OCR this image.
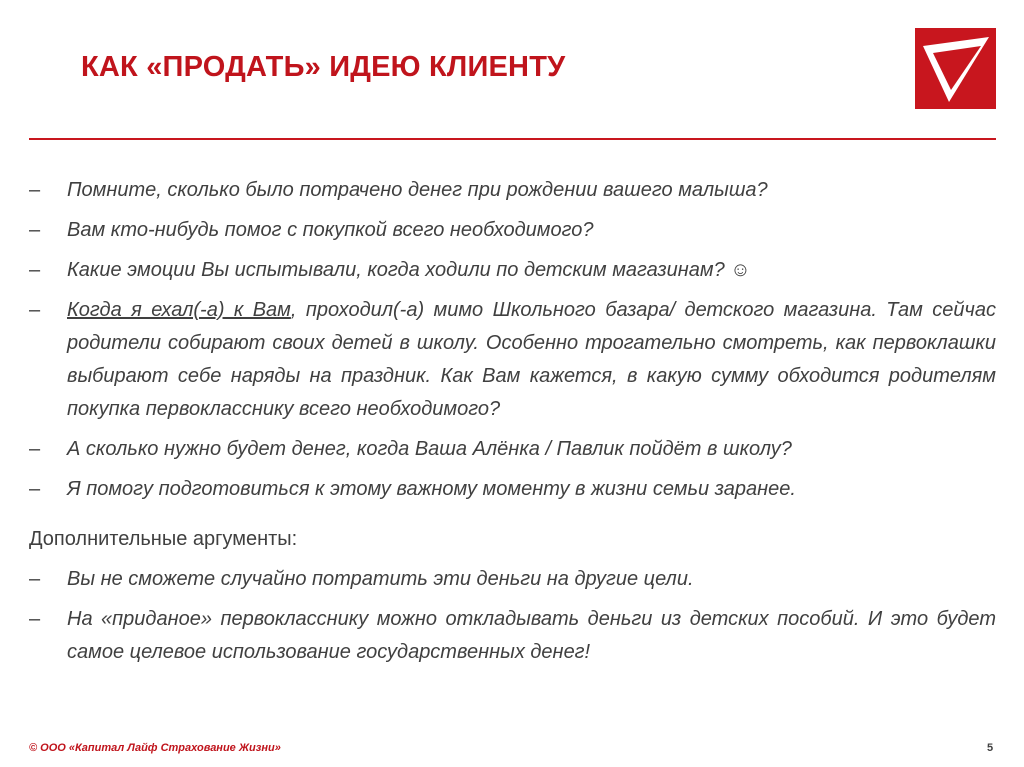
КАК «ПРОДАТЬ» ИДЕЮ КЛИЕНТУ

– Помните, сколько было потрачено денег при рождении вашего малыша?

– Вам кто-нибудь помог с покупкой всего необходимого?

– Какие эмоции Вы испытывали, когда ходили по детским магазинам? ☺

– Когда я ехал(-а) к Вам, проходил(-а) мимо Школьного базара/ детского магазина. Там сейчас родители собирают своих детей в школу. Особенно трогательно смотреть, как первоклашки выбирают себе наряды на праздник. Как Вам кажется, в какую сумму обходится родителям покупка первокласснику всего необходимого?

– А сколько нужно будет денег, когда Ваша Алёнка / Павлик пойдёт в школу?

– Я помогу подготовиться к этому важному моменту в жизни семьи заранее.

Дополнительные аргументы:

– Вы не сможете случайно потратить эти деньги на другие цели.

– На «приданое» первокласснику можно откладывать деньги из детских пособий. И это будет самое целевое использование государственных денег!

© ООО «Капитал Лайф Страхование Жизни»	5
